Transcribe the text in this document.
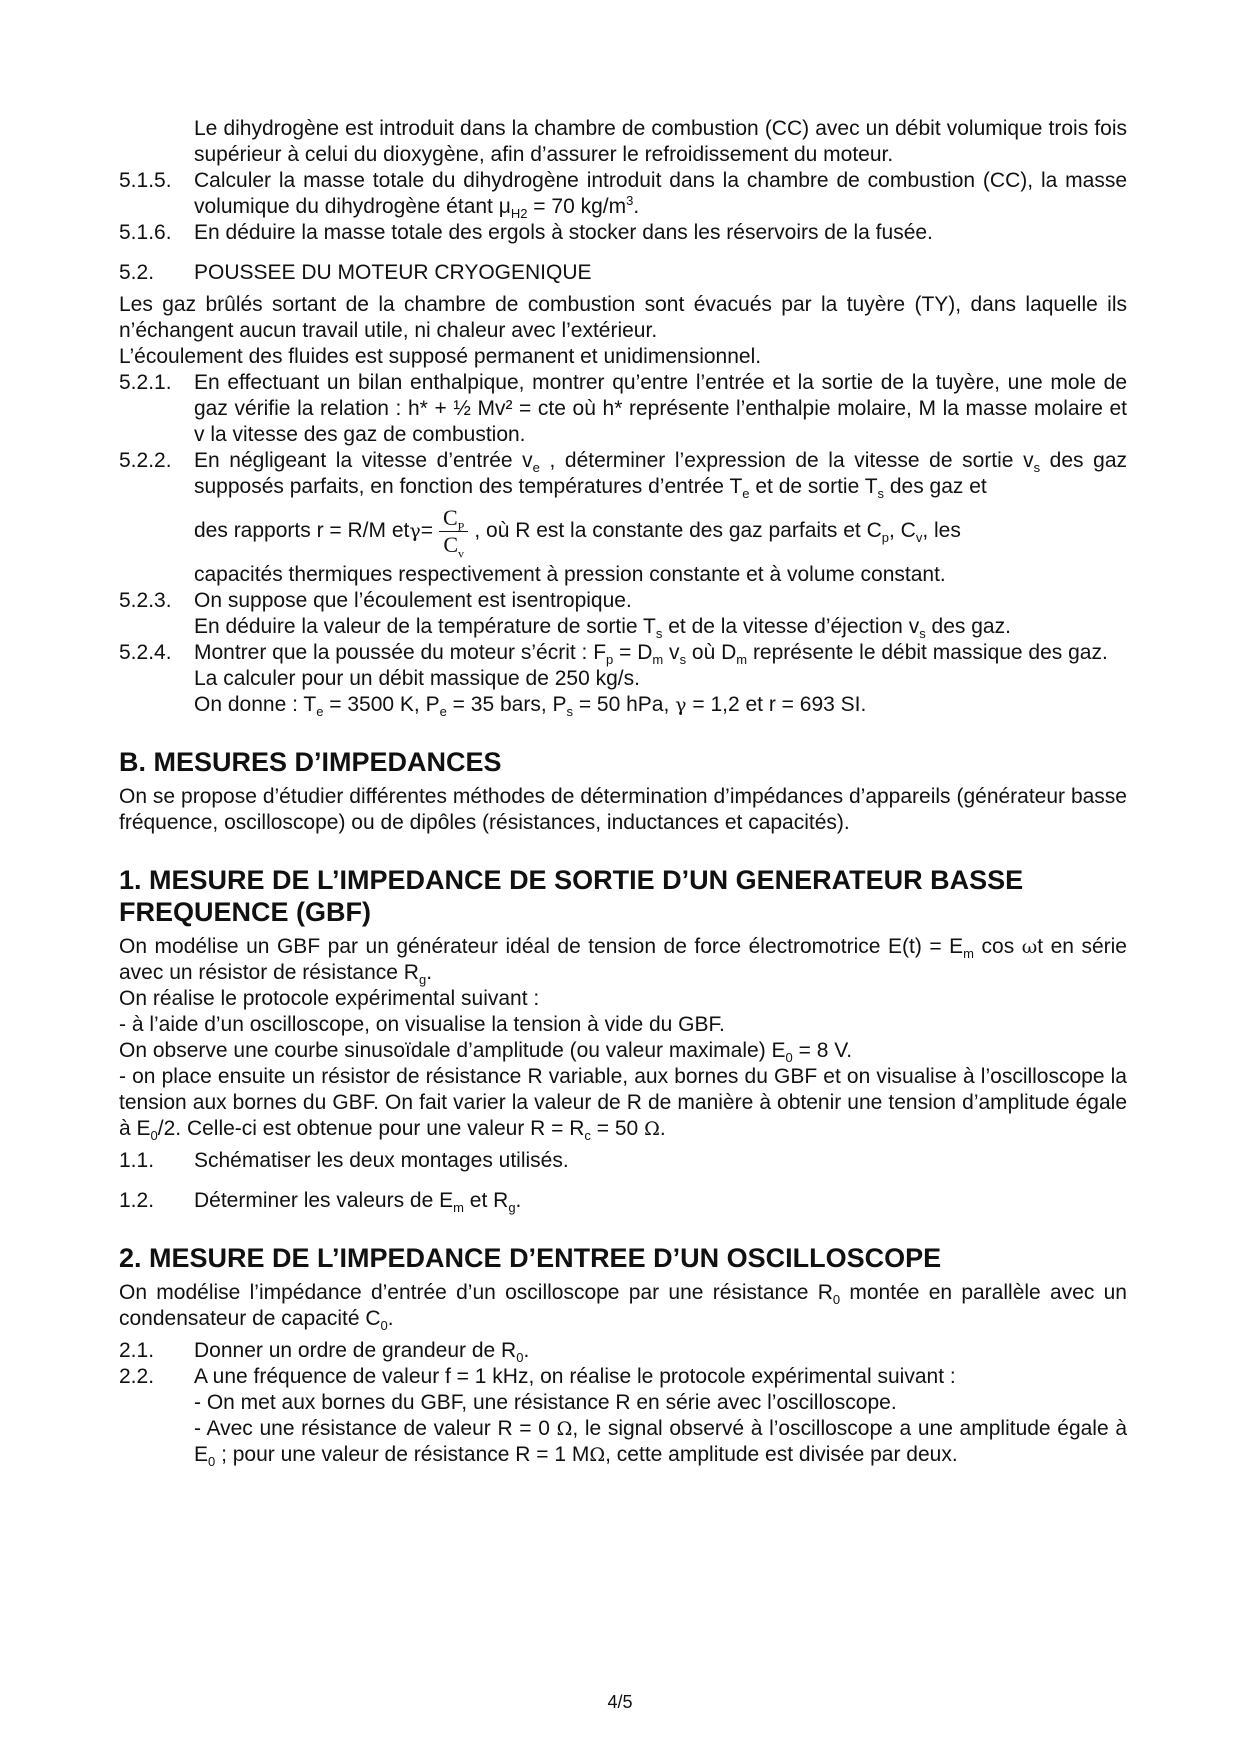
Le dihydrogène est introduit dans la chambre de combustion (CC) avec un débit volumique trois fois supérieur à celui du dioxygène, afin d’assurer le refroidissement du moteur.
5.1.5.	Calculer la masse totale du dihydrogène introduit dans la chambre de combustion (CC), la masse volumique du dihydrogène étant $\mu_{H2} = 70$ $kg/m^3$.
5.1.6.	En déduire la masse totale des ergols à stocker dans les réservoirs de la fusée.
5.2.	POUSSEE DU MOTEUR CRYOGENIQUE
Les gaz brûlés sortant de la chambre de combustion sont évacués par la tuyère (TY), dans laquelle ils n’échangent aucun travail utile, ni chaleur avec l’extérieur.
L’écoulement des fluides est supposé permanent et unidimensionnel.
5.2.1.	En effectuant un bilan enthalpique, montrer qu’entre l’entrée et la sortie de la tuyère, une mole de gaz vérifie la relation : h* + ½ Mv² = cte où h* représente l’enthalpie molaire, M la masse molaire et v la vitesse des gaz de combustion.
5.2.2.	En négligeant la vitesse d’entrée $v_e$ , déterminer l’expression de la vitesse de sortie $v_s$ des gaz supposés parfaits, en fonction des températures d’entrée $T_e$ et de sortie $T_s$ des gaz et
des rapports r = R/M et $\gamma = \frac{C_P}{C_v}$ , où R est la constante des gaz parfaits et $C_p$, $C_v$, les
capacités thermiques respectivement à pression constante et à volume constant.
5.2.3.	On suppose que l’écoulement est isentropique.
En déduire la valeur de la température de sortie $T_s$ et de la vitesse d’éjection $v_s$ des gaz.
5.2.4.	Montrer que la poussée du moteur s’écrit : $F_p = D_m$ $v_s$ où $D_m$ représente le débit massique des gaz.
La calculer pour un débit massique de 250 kg/s.
On donne : $T_e = 3500$ K, $P_e = 35$ bars, $P_s = 50$ hPa, γ = 1,2 et r = 693 SI.
B. MESURES D’IMPEDANCES
On se propose d’étudier différentes méthodes de détermination d’impédances d’appareils (générateur basse fréquence, oscilloscope) ou de dipôles (résistances, inductances et capacités).
1. MESURE DE L’IMPEDANCE DE SORTIE D’UN GENERATEUR BASSE FREQUENCE (GBF)
On modélise un GBF par un générateur idéal de tension de force électromotrice $E(t) = E_m$ cos ωt en série avec un résistor de résistance $R_g$.
On réalise le protocole expérimental suivant :
- à l’aide d’un oscilloscope, on visualise la tension à vide du GBF.
On observe une courbe sinusoïdale d’amplitude (ou valeur maximale) $E_0 = 8$ V.
- on place ensuite un résistor de résistance R variable, aux bornes du GBF et on visualise à l’oscilloscope la tension aux bornes du GBF. On fait varier la valeur de R de manière à obtenir une tension d’amplitude égale à $E_0/2$. Celle-ci est obtenue pour une valeur $R = R_c = 50$ Ω.
1.1.	Schématiser les deux montages utilisés.
1.2.	Déterminer les valeurs de $E_m$ et $R_g$.
2. MESURE DE L’IMPEDANCE D’ENTREE D’UN OSCILLOSCOPE
On modélise l’impédance d’entrée d’un oscilloscope par une résistance $R_0$ montée en parallèle avec un condensateur de capacité $C_0$.
2.1.	Donner un ordre de grandeur de $R_0$.
2.2.	A une fréquence de valeur f = 1 kHz, on réalise le protocole expérimental suivant :
- On met aux bornes du GBF, une résistance R en série avec l’oscilloscope.
- Avec une résistance de valeur R = 0 Ω, le signal observé à l’oscilloscope a une amplitude égale à $E_0$ ; pour une valeur de résistance R = 1 MΩ, cette amplitude est divisée par deux.
4/5
